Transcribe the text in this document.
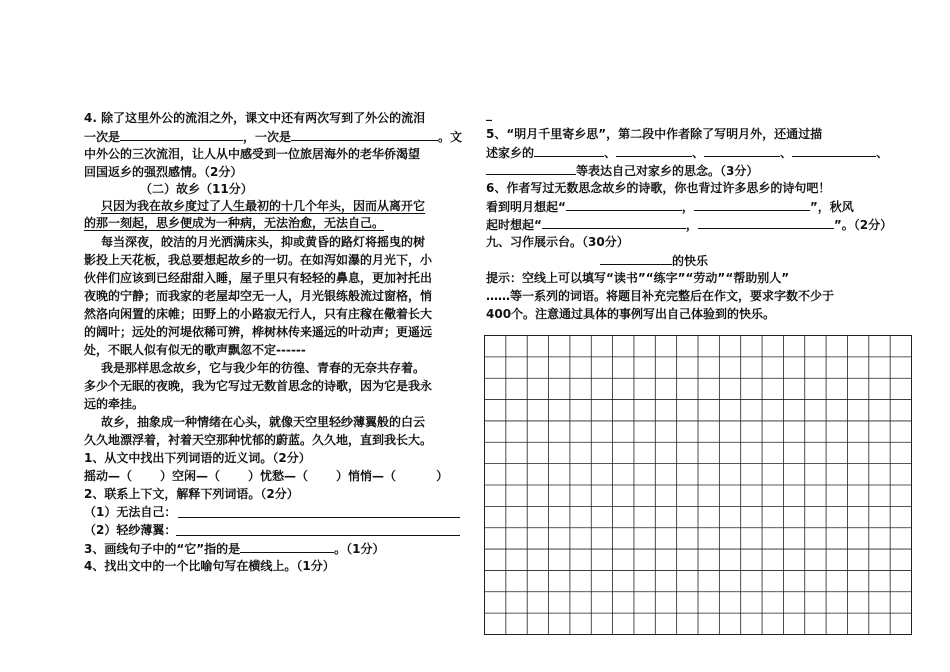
4. 除了这里外公的流泪之外，课文中还有两次写到了外公的流泪
一次是	，一次是	。文
中外公的三次流泪，让人从中感受到一位旅居海外的老华侨渴望
回国返乡的强烈感情。（2分）
（二）故乡（11分）
只因为我在故乡度过了人生最初的十几个年头，因而从离开它
的那一刻起，思乡便成为一种病，无法治愈，无法自己。
每当深夜，皎洁的月光洒满床头，抑或黄昏的路灯将摇曳的树
影投上天花板，我总要想起故乡的一切。在如泻如瀑的月光下，小
伙伴们应该到已经甜甜入睡，屋子里只有轻轻的鼻息，更加衬托出
夜晚的宁静；而我家的老屋却空无一人，月光银练般流过窗格，悄
然洛向闲置的床帷；田野上的小路寂无行人，只有庄稼在儆着长大
的阔叶；远处的河堤依稀可辨，桦树林传来遥远的叶动声；更遥远
处，不眠人似有似无的歌声飘忽不定------
我是那样思念故乡，它与我少年的彷徨、青春的无奈共存着。
多少个无眠的夜晚，我为它写过无数首思念的诗歌，因为它是我永
远的牵挂。
故乡，抽象成一种情绪在心头，就像天空里轻纱薄翼般的白云
久久地漂浮着，衬着天空那种忧郁的蔚蓝。久久地，直到我长大。
1、从文中找出下列词语的近义词。（2分）
摇动—（ ）空闲—（ ）忧愁—（ ）悄悄—（	）
2、联系上下文，解释下列词语。（2分）
（1）无法自己：
（2）轻纱薄翼：
3、画线句子中的“它”指的是	。（1分）
4、找出文中的一个比喻句写在横线上。（1分）
_
5、“明月千里寄乡思”，第二段中作者除了写明月外，还通过描
述家乡的	、	、	、	、
等表达自己对家乡的思念。（3分）
6、作者写过无数思念故乡的诗歌，你也背过许多思乡的诗句吧！
看到明月想起“	，	”，秋风
起时想起“	，	”。（2分）
九、习作展示台。（30分）
的快乐
提示：空线上可以填写“读书”“练字”“劳动”“帮助别人”
……等一系列的词语。将题目补充完整后在作文，要求字数不少于
400个。注意通过具体的事例写出自己体验到的快乐。
